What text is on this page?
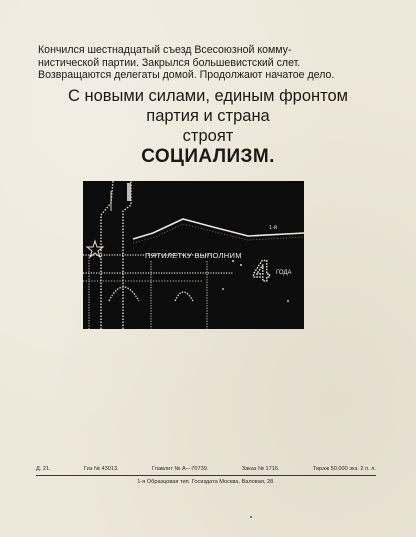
Кончился шестнадцатый съезд Всесоюзной комму-

нистической партии. Закрылся большевистский слет.

Возвращаются делегаты домой. Продолжают начатое дело.

С новыми силами, единым фронтом
партия и страна
строят
СОЦИАЛИЗМ.
ПЯТИЛЕТКУ ВЫПОЛНИМ 4 ГОДА
1-й
Д. 21.	Гиз № 43013.	Главлит № А—70739.	Заказ № 1716.	Тираж 50.000 экз. 2 п. л.
1-я Образцовая тип. Госиздата Москва, Валовая, 28.
